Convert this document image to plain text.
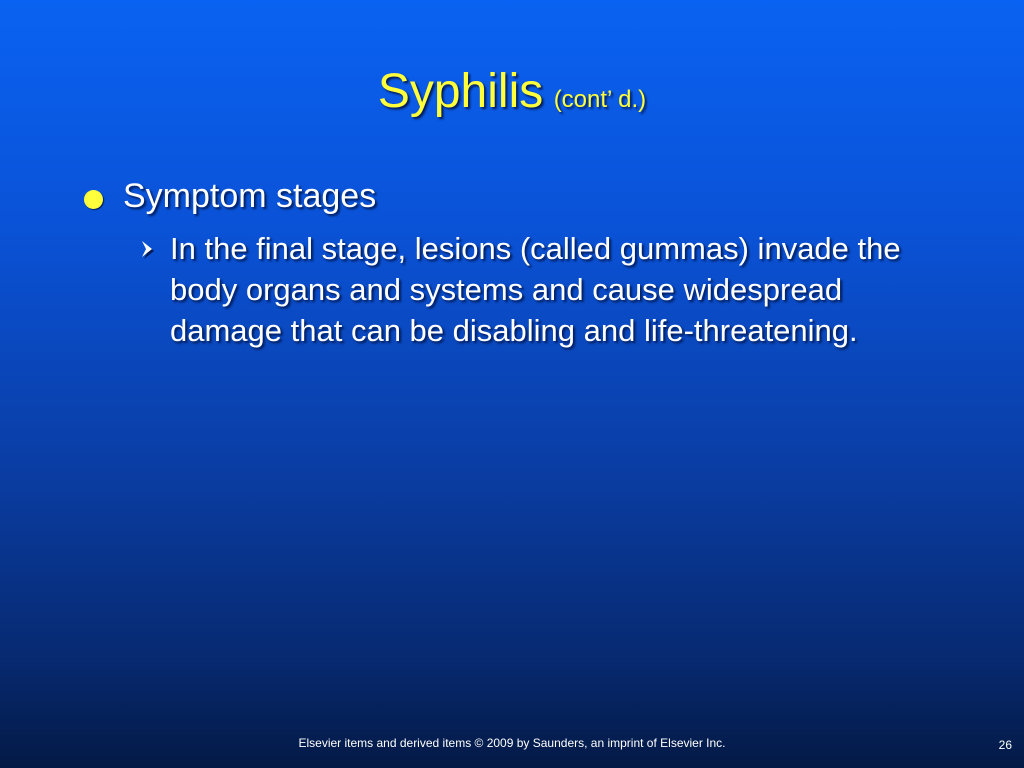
Syphilis (cont’ d.)
Symptom stages
In the final stage, lesions (called gummas) invade the body organs and systems and cause widespread damage that can be disabling and life-threatening.
Elsevier items and derived items © 2009 by Saunders, an imprint of Elsevier Inc.	26
